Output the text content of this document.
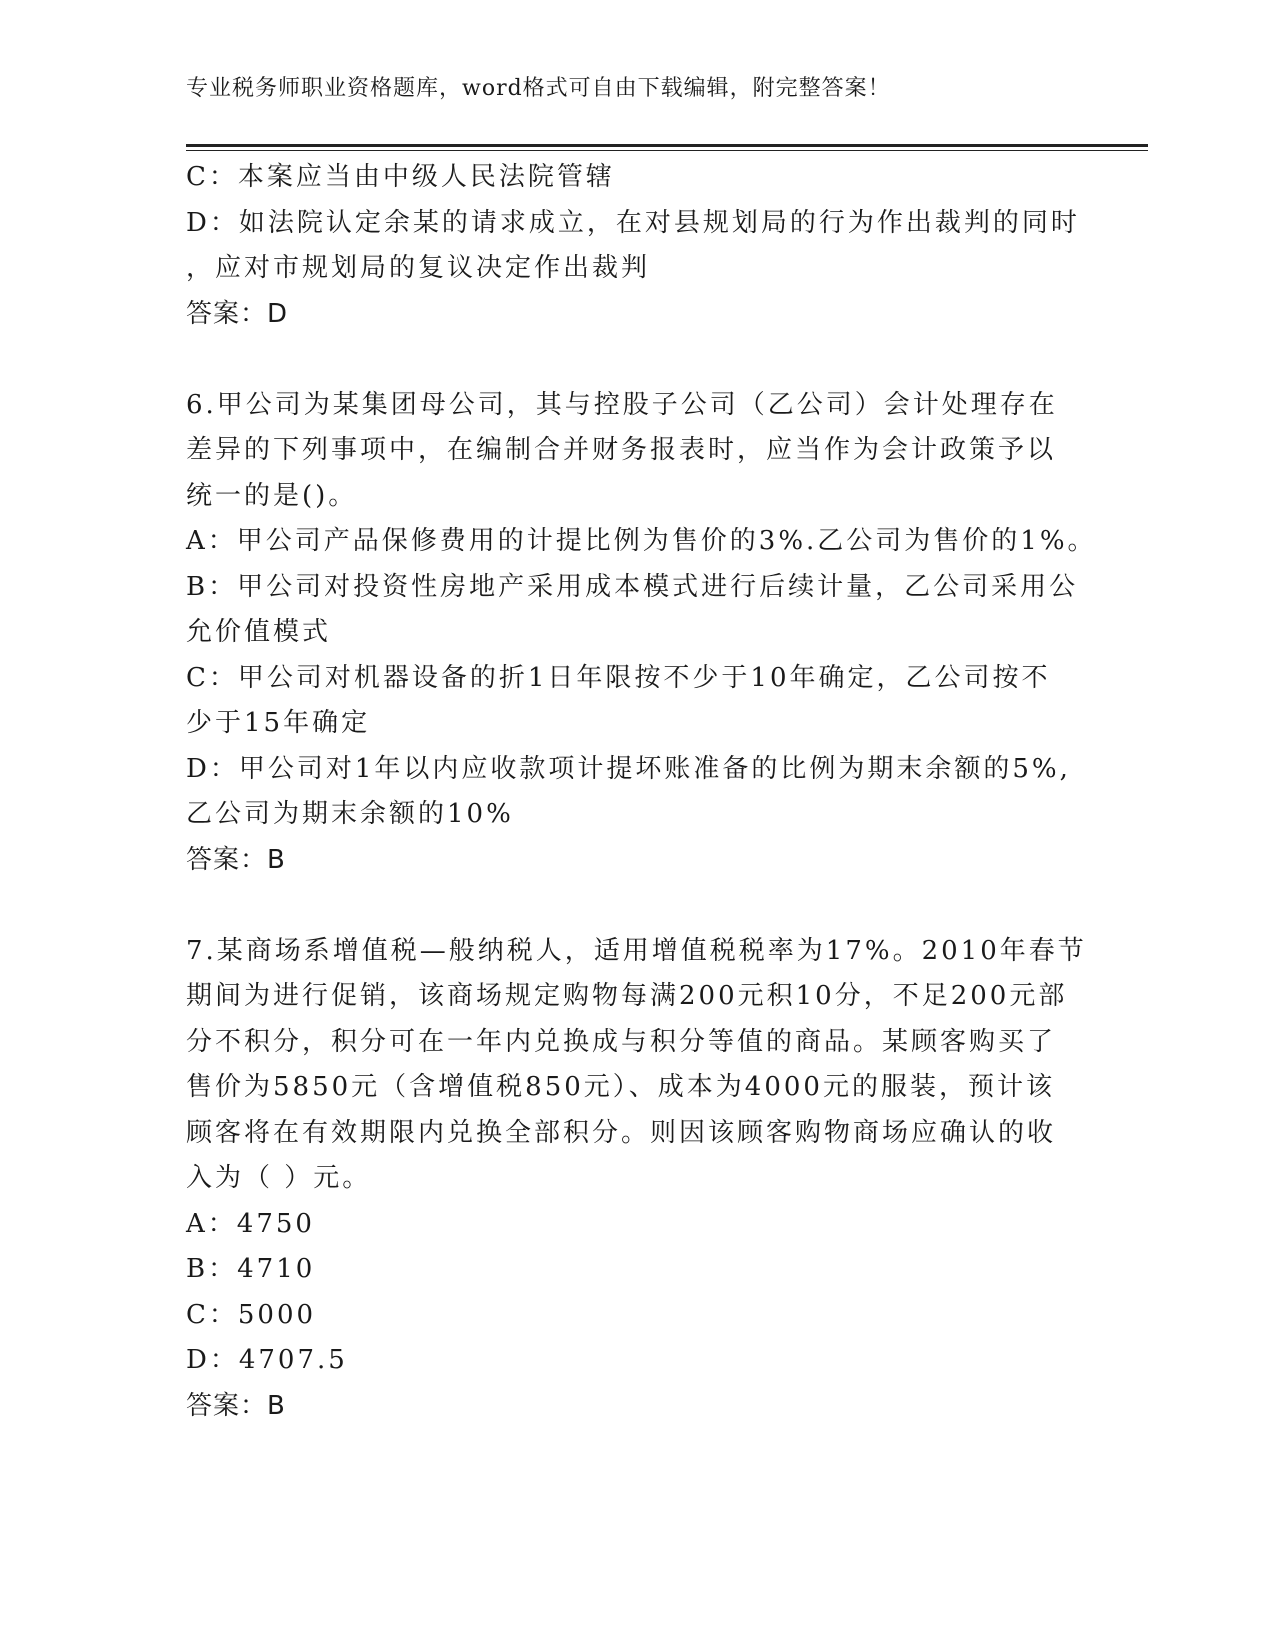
专业税务师职业资格题库，word格式可自由下载编辑，附完整答案！
C：本案应当由中级人民法院管辖
D：如法院认定余某的请求成立，在对县规划局的行为作出裁判的同时
，应对市规划局的复议决定作出裁判
答案：D
6.甲公司为某集团母公司，其与控股子公司（乙公司）会计处理存在
差异的下列事项中，在编制合并财务报表时，应当作为会计政策予以
统一的是()。
A：甲公司产品保修费用的计提比例为售价的3%.乙公司为售价的1%。
B：甲公司对投资性房地产采用成本模式进行后续计量，乙公司采用公
允价值模式
C：甲公司对机器设备的折1日年限按不少于10年确定，乙公司按不
少于15年确定
D：甲公司对1年以内应收款项计提坏账准备的比例为期末余额的5%,
乙公司为期末余额的10%
答案：B
7.某商场系增值税—般纳税人，适用增值税税率为17%。2010年春节
期间为进行促销，该商场规定购物每满200元积10分，不足200元部
分不积分，积分可在一年内兑换成与积分等值的商品。某顾客购买了
售价为5850元（含增值税850元）、成本为4000元的服装，预计该
顾客将在有效期限内兑换全部积分。则因该顾客购物商场应确认的收
入为（ ）元。
A：4750
B：4710
C：5000
D：4707.5
答案：B
